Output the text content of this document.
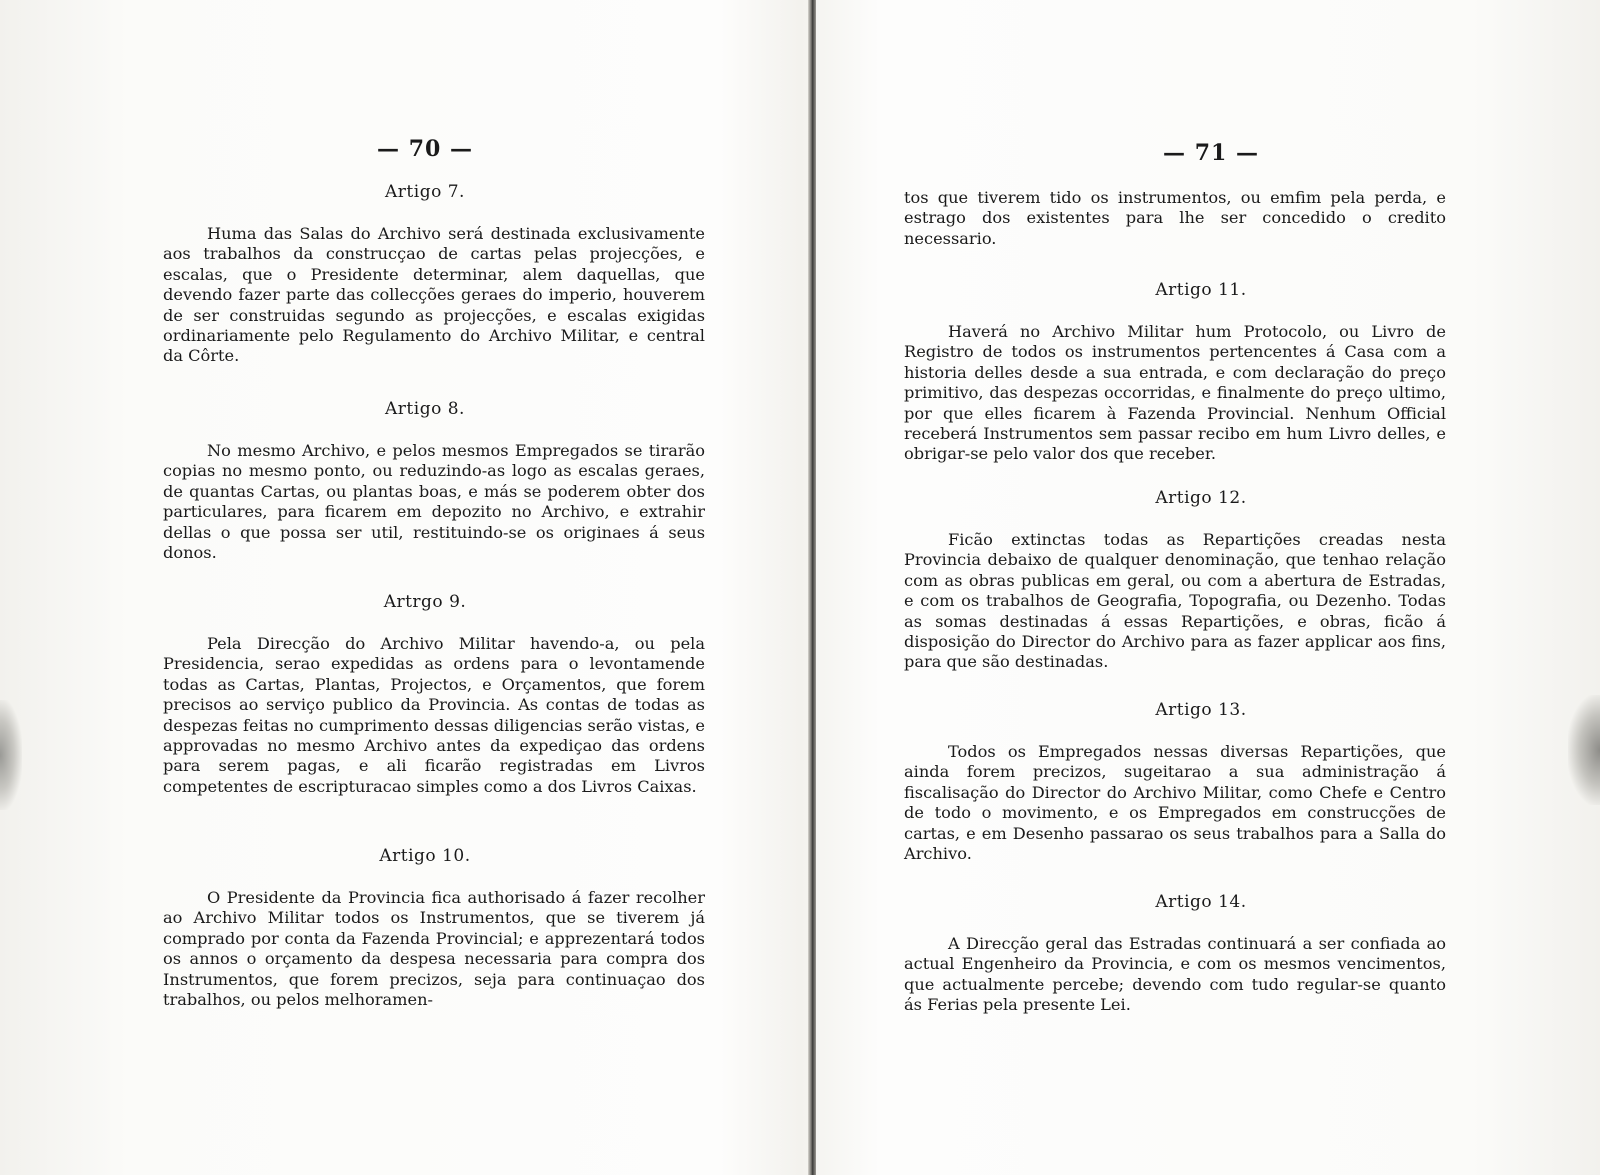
— 70 —
Artigo 7.
Huma das Salas do Archivo será destinada exclusivamente aos trabalhos da construcçao de cartas pelas projecções, e escalas, que o Presidente determinar, alem daquellas, que devendo fazer parte das collecções geraes do imperio, houverem de ser construidas segundo as projecções, e escalas exigidas ordinariamente pelo Regulamento do Archivo Militar, e central da Côrte.
Artigo 8.
No mesmo Archivo, e pelos mesmos Empregados se tirarão copias no mesmo ponto, ou reduzindo-as logo as escalas geraes, de quantas Cartas, ou plantas boas, e más se poderem obter dos particulares, para ficarem em depozito no Archivo, e extrahir dellas o que possa ser util, restituindo-se os originaes á seus donos.
Artrgo 9.
Pela Direcção do Archivo Militar havendo-a, ou pela Presidencia, serao expedidas as ordens para o levontamende todas as Cartas, Plantas, Projectos, e Orçamentos, que forem precisos ao serviço publico da Provincia. As contas de todas as despezas feitas no cumprimento dessas diligencias serão vistas, e approvadas no mesmo Archivo antes da expediçao das ordens para serem pagas, e ali ficarão registradas em Livros competentes de escripturacao simples como a dos Livros Caixas.
Artigo 10.
O Presidente da Provincia fica authorisado á fazer recolher ao Archivo Militar todos os Instrumentos, que se tiverem já comprado por conta da Fazenda Provincial; e apprezentará todos os annos o orçamento da despesa necessaria para compra dos Instrumentos, que forem precizos, seja para continuaçao dos trabalhos, ou pelos melhoramen-
— 71 —
tos que tiverem tido os instrumentos, ou emfim pela perda, e estrago dos existentes para lhe ser concedido o credito necessario.
Artigo 11.
Haverá no Archivo Militar hum Protocolo, ou Livro de Registro de todos os instrumentos pertencentes á Casa com a historia delles desde a sua entrada, e com declaração do preço primitivo, das despezas occorridas, e finalmente do preço ultimo, por que elles ficarem à Fazenda Provincial. Nenhum Official receberá Instrumentos sem passar recibo em hum Livro delles, e obrigar-se pelo valor dos que receber.
Artigo 12.
Ficão extinctas todas as Repartições creadas nesta Provincia debaixo de qualquer denominação, que tenhao relação com as obras publicas em geral, ou com a abertura de Estradas, e com os trabalhos de Geografia, Topografia, ou Dezenho. Todas as somas destinadas á essas Repartições, e obras, ficão á disposição do Director do Archivo para as fazer applicar aos fins, para que são destinadas.
Artigo 13.
Todos os Empregados nessas diversas Repartições, que ainda forem precizos, sugeitarao a sua administração á fiscalisação do Director do Archivo Militar, como Chefe e Centro de todo o movimento, e os Empregados em construcções de cartas, e em Desenho passarao os seus trabalhos para a Salla do Archivo.
Artigo 14.
A Direcção geral das Estradas continuará a ser confiada ao actual Engenheiro da Provincia, e com os mesmos vencimentos, que actualmente percebe; devendo com tudo regular-se quanto ás Ferias pela presente Lei.
